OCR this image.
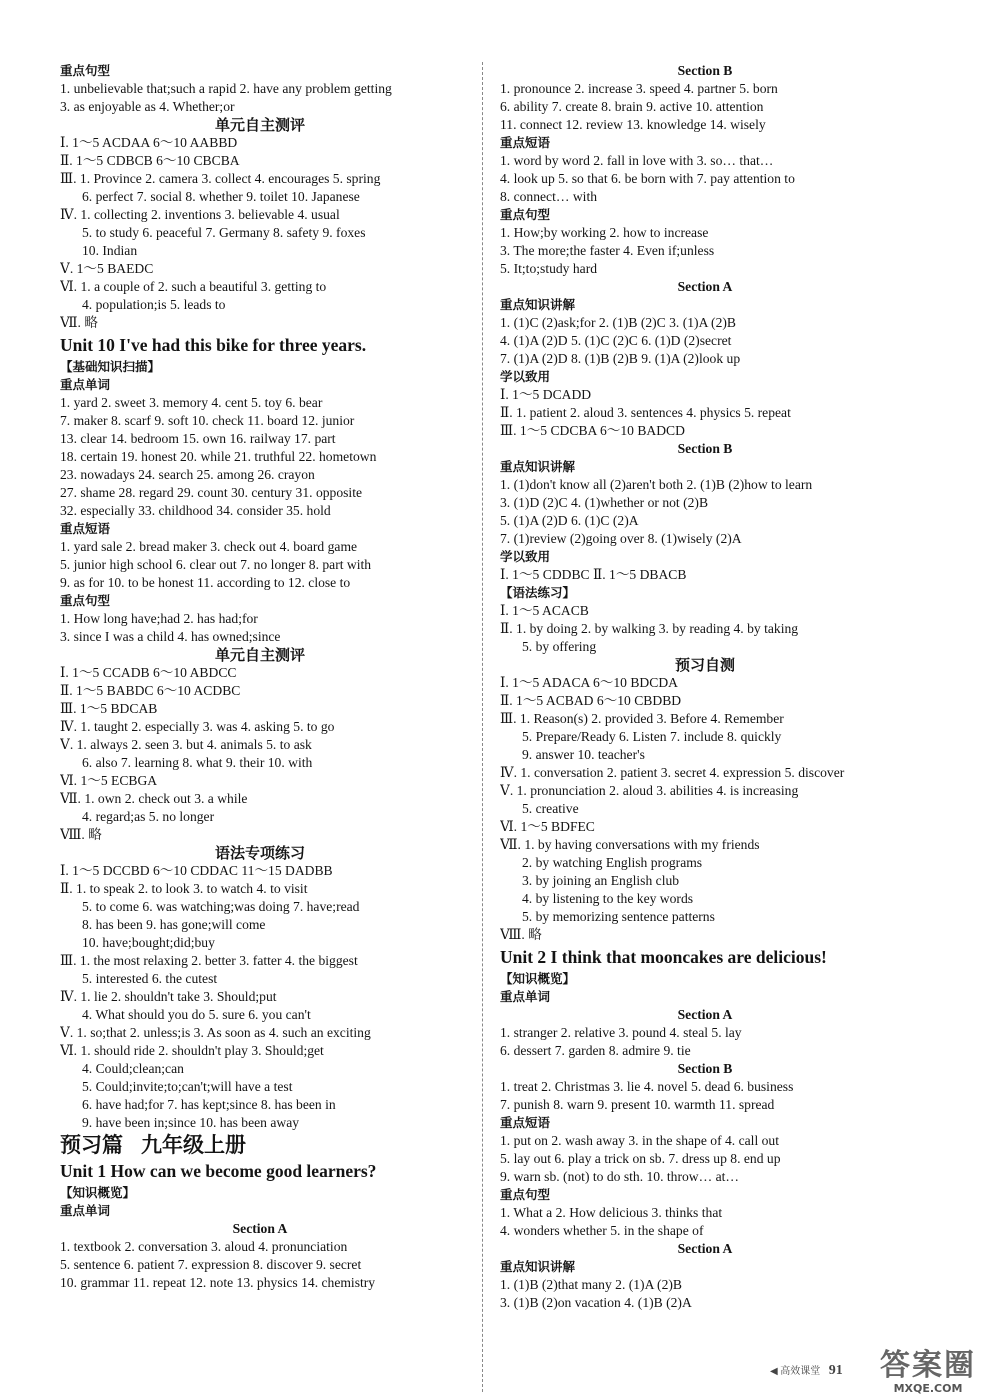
重点句型
1. unbelievable that;such a rapid 2. have any problem getting
3. as enjoyable as 4. Whether;or
单元自主测评
Ⅰ. 1～5 ACDAA 6～10 AABBD
Ⅱ. 1～5 CDBCB 6～10 CBCBA
Ⅲ. 1. Province 2. camera 3. collect 4. encourages 5. spring
6. perfect 7. social 8. whether 9. toilet 10. Japanese
Ⅳ. 1. collecting 2. inventions 3. believable 4. usual
5. to study 6. peaceful 7. Germany 8. safety 9. foxes
10. Indian
Ⅴ. 1～5 BAEDC
Ⅵ. 1. a couple of 2. such a beautiful 3. getting to
4. population;is 5. leads to
Ⅶ. 略
Unit 10 I've had this bike for three years.
【基础知识扫描】
重点单词
1. yard 2. sweet 3. memory 4. cent 5. toy 6. bear
7. maker 8. scarf 9. soft 10. check 11. board 12. junior
13. clear 14. bedroom 15. own 16. railway 17. part
18. certain 19. honest 20. while 21. truthful 22. hometown
23. nowadays 24. search 25. among 26. crayon
27. shame 28. regard 29. count 30. century 31. opposite
32. especially 33. childhood 34. consider 35. hold
重点短语
1. yard sale 2. bread maker 3. check out 4. board game
5. junior high school 6. clear out 7. no longer 8. part with
9. as for 10. to be honest 11. according to 12. close to
重点句型
1. How long have;had 2. has had;for
3. since I was a child 4. has owned;since
单元自主测评
Ⅰ. 1～5 CCADB 6～10 ABDCC
Ⅱ. 1～5 BABDC 6～10 ACDBC
Ⅲ. 1～5 BDCAB
Ⅳ. 1. taught 2. especially 3. was 4. asking 5. to go
Ⅴ. 1. always 2. seen 3. but 4. animals 5. to ask
6. also 7. learning 8. what 9. their 10. with
Ⅵ. 1～5 ECBGA
Ⅶ. 1. own 2. check out 3. a while
4. regard;as 5. no longer
Ⅷ. 略
语法专项练习
Ⅰ. 1～5 DCCBD 6～10 CDDAC 11～15 DADBB
Ⅱ. 1. to speak 2. to look 3. to watch 4. to visit
5. to come 6. was watching;was doing 7. have;read
8. has been 9. has gone;will come
10. have;bought;did;buy
Ⅲ. 1. the most relaxing 2. better 3. fatter 4. the biggest
5. interested 6. the cutest
Ⅳ. 1. lie 2. shouldn't take 3. Should;put
4. What should you do 5. sure 6. you can't
Ⅴ. 1. so;that 2. unless;is 3. As soon as 4. such an exciting
Ⅵ. 1. should ride 2. shouldn't play 3. Should;get
4. Could;clean;can
5. Could;invite;to;can't;will have a test
6. have had;for 7. has kept;since 8. has been in
9. have been in;since 10. has been away
预习篇 九年级上册
Unit 1 How can we become good learners?
【知识概览】
重点单词
Section A
1. textbook 2. conversation 3. aloud 4. pronunciation
5. sentence 6. patient 7. expression 8. discover 9. secret
10. grammar 11. repeat 12. note 13. physics 14. chemistry
Section B
1. pronounce 2. increase 3. speed 4. partner 5. born
6. ability 7. create 8. brain 9. active 10. attention
11. connect 12. review 13. knowledge 14. wisely
重点短语
1. word by word 2. fall in love with 3. so… that…
4. look up 5. so that 6. be born with 7. pay attention to
8. connect… with
重点句型
1. How;by working 2. how to increase
3. The more;the faster 4. Even if;unless
5. It;to;study hard
Section A
重点知识讲解
1. (1)C (2)ask;for 2. (1)B (2)C 3. (1)A (2)B
4. (1)A (2)D 5. (1)C (2)C 6. (1)D (2)secret
7. (1)A (2)D 8. (1)B (2)B 9. (1)A (2)look up
学以致用
Ⅰ. 1～5 DCADD
Ⅱ. 1. patient 2. aloud 3. sentences 4. physics 5. repeat
Ⅲ. 1～5 CDCBA 6～10 BADCD
Section B
重点知识讲解
1. (1)don't know all (2)aren't both 2. (1)B (2)how to learn
3. (1)D (2)C 4. (1)whether or not (2)B
5. (1)A (2)D 6. (1)C (2)A
7. (1)review (2)going over 8. (1)wisely (2)A
学以致用
Ⅰ. 1～5 CDDBC Ⅱ. 1～5 DBACB
【语法练习】
Ⅰ. 1～5 ACACB
Ⅱ. 1. by doing 2. by walking 3. by reading 4. by taking
5. by offering
预习自测
Ⅰ. 1～5 ADACA 6～10 BDCDA
Ⅱ. 1～5 ACBAD 6～10 CBDBD
Ⅲ. 1. Reason(s) 2. provided 3. Before 4. Remember
5. Prepare/Ready 6. Listen 7. include 8. quickly
9. answer 10. teacher's
Ⅳ. 1. conversation 2. patient 3. secret 4. expression 5. discover
Ⅴ. 1. pronunciation 2. aloud 3. abilities 4. is increasing
5. creative
Ⅵ. 1～5 BDFEC
Ⅶ. 1. by having conversations with my friends
2. by watching English programs
3. by joining an English club
4. by listening to the key words
5. by memorizing sentence patterns
Ⅷ. 略
Unit 2 I think that mooncakes are delicious!
【知识概览】
重点单词
Section A
1. stranger 2. relative 3. pound 4. steal 5. lay
6. dessert 7. garden 8. admire 9. tie
Section B
1. treat 2. Christmas 3. lie 4. novel 5. dead 6. business
7. punish 8. warn 9. present 10. warmth 11. spread
重点短语
1. put on 2. wash away 3. in the shape of 4. call out
5. lay out 6. play a trick on sb. 7. dress up 8. end up
9. warn sb. (not) to do sth. 10. throw… at…
重点句型
1. What a 2. How delicious 3. thinks that
4. wonders whether 5. in the shape of
Section A
重点知识讲解
1. (1)B (2)that many 2. (1)A (2)B
3. (1)B (2)on vacation 4. (1)B (2)A
◀ 高效课堂 91 答案圈
MXQE.COM
